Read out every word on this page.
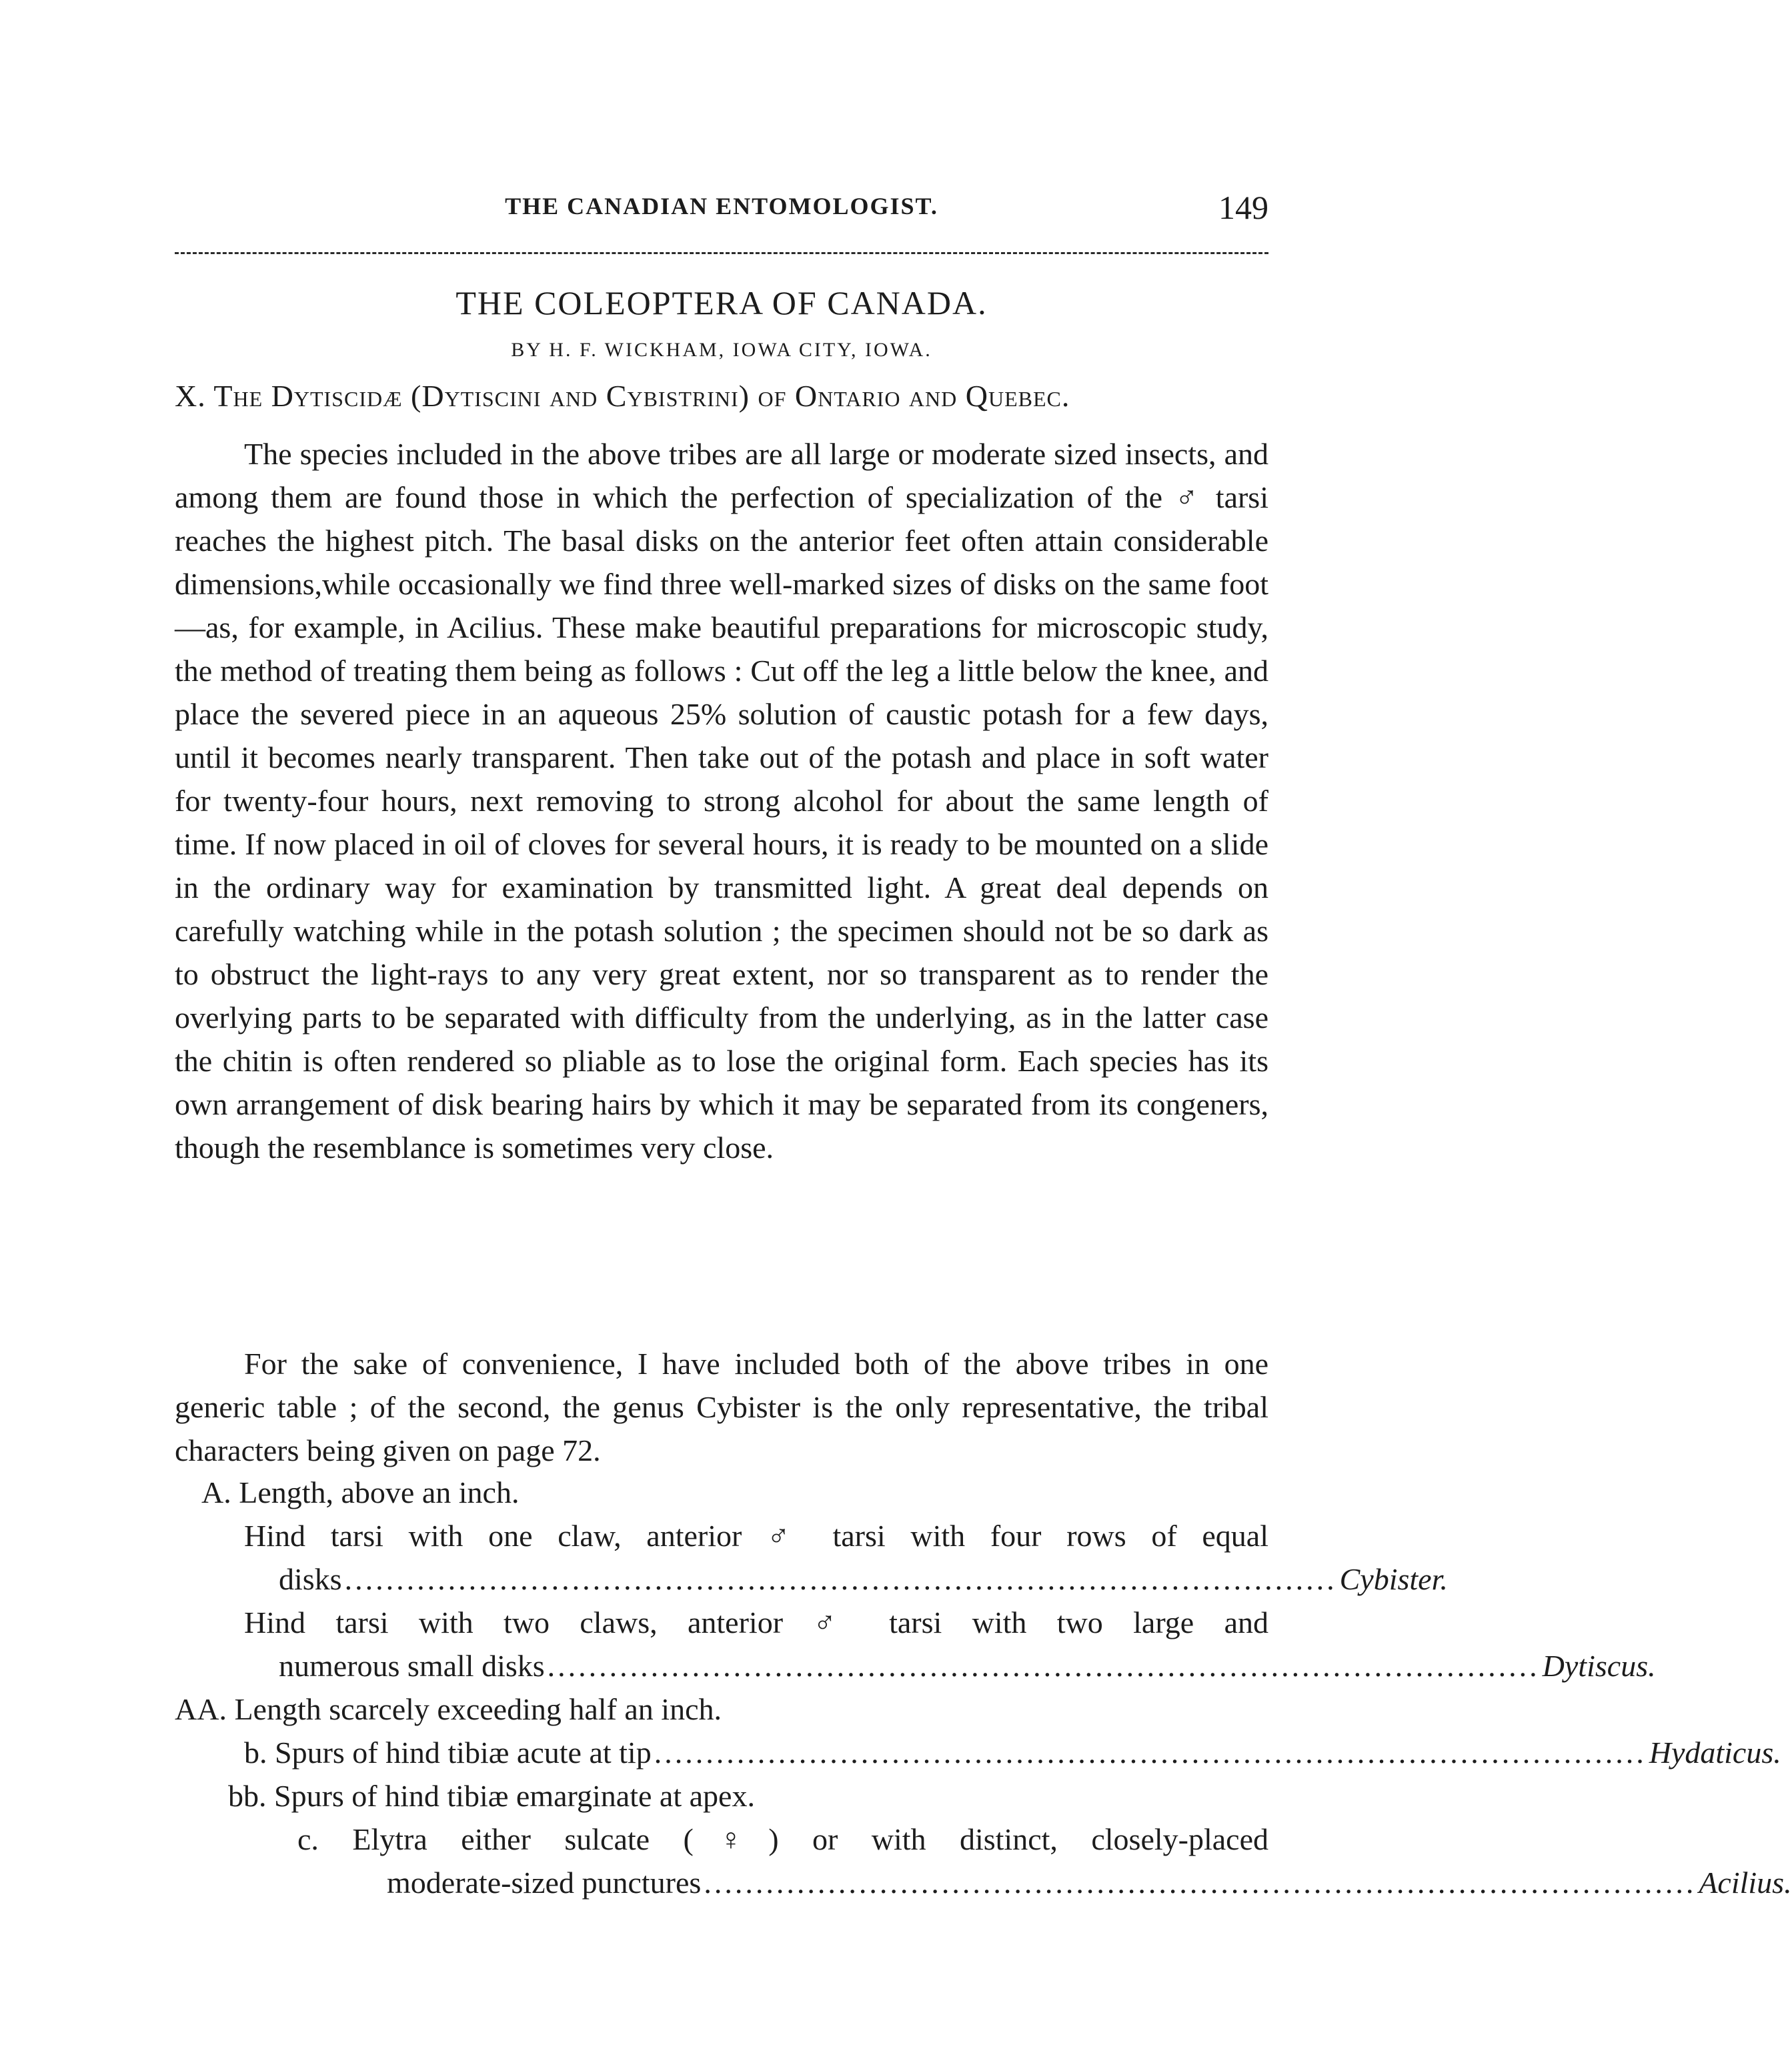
THE CANADIAN ENTOMOLOGIST.	149
THE COLEOPTERA OF CANADA.
BY H. F. WICKHAM, IOWA CITY, IOWA.
X. The Dytiscidæ (Dytiscini and Cybistrini) of Ontario and Quebec.

The species included in the above tribes are all large or moderate sized insects, and among them are found those in which the perfection of specialization of the ♂ tarsi reaches the highest pitch. The basal disks on the anterior feet often attain considerable dimensions,while occasionally we find three well-marked sizes of disks on the same foot—as, for example, in Acilius. These make beautiful preparations for microscopic study, the method of treating them being as follows : Cut off the leg a little below the knee, and place the severed piece in an aqueous 25% solution of caustic potash for a few days, until it becomes nearly transparent. Then take out of the potash and place in soft water for twenty-four hours, next removing to strong alcohol for about the same length of time. If now placed in oil of cloves for several hours, it is ready to be mounted on a slide in the ordinary way for examination by transmitted light. A great deal depends on carefully watching while in the potash solution ; the specimen should not be so dark as to obstruct the light-rays to any very great extent, nor so transparent as to render the overlying parts to be separated with difficulty from the underlying, as in the latter case the chitin is often rendered so pliable as to lose the original form. Each species has its own arrangement of disk bearing hairs by which it may be separated from its congeners, though the resemblance is sometimes very close.

For the sake of convenience, I have included both of the above tribes in one generic table ; of the second, the genus Cybister is the only representative, the tribal characters being given on page 72.

A. Length, above an inch.
Hind tarsi with one claw, anterior ♂ tarsi with four rows of equal
disks ................................................................................................ Cybister.
Hind tarsi with two claws, anterior ♂ tarsi with two large and
numerous small disks ................................................................................................ Dytiscus.
AA. Length scarcely exceeding half an inch.
b. Spurs of hind tibiæ acute at tip ................................................................................................ Hydaticus.
bb. Spurs of hind tibiæ emarginate at apex.
c. Elytra either sulcate (♀) or with distinct, closely-placed
moderate-sized punctures ................................................................................................ Acilius.
